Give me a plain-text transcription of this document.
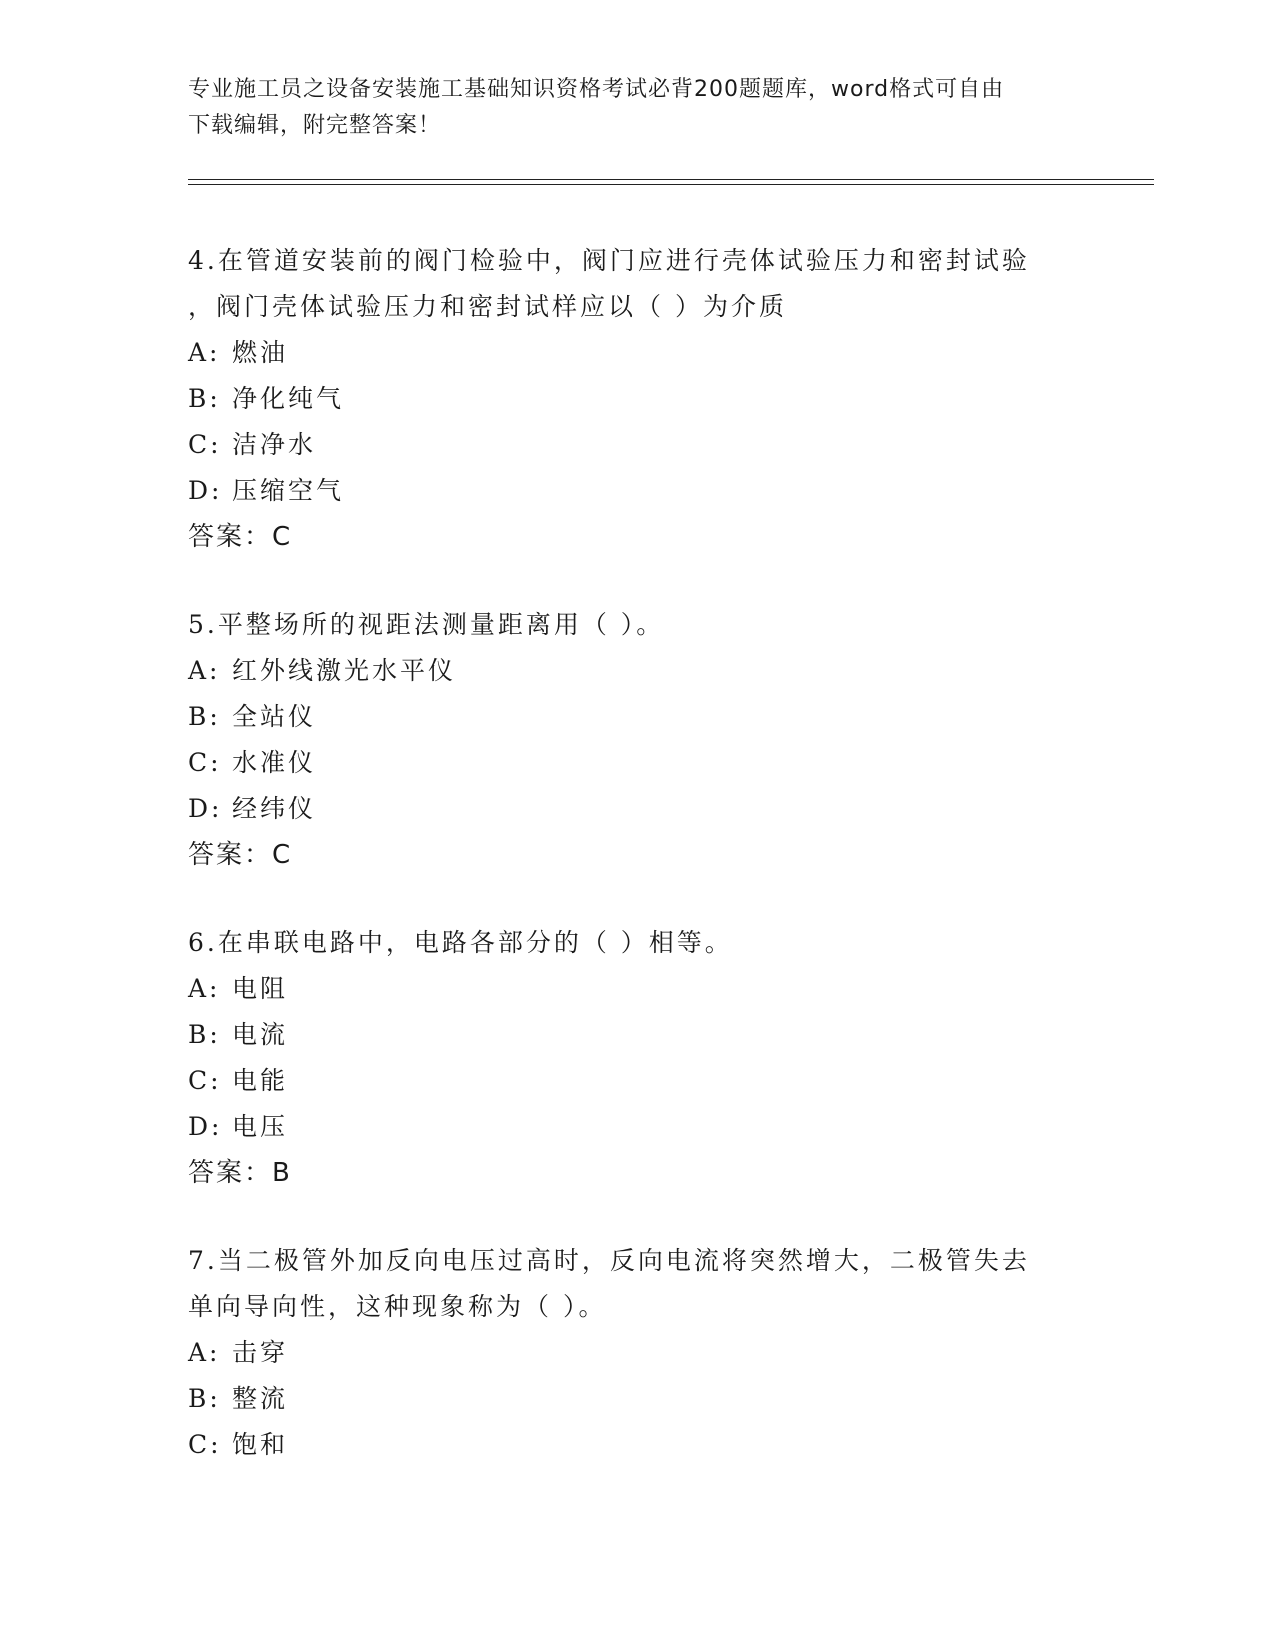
专业施工员之设备安装施工基础知识资格考试必背200题题库，word格式可自由
下载编辑，附完整答案！
4.在管道安装前的阀门检验中，阀门应进行壳体试验压力和密封试验
，阀门壳体试验压力和密封试样应以（ ）为介质
A: 燃油
B: 净化纯气
C: 洁净水
D: 压缩空气
答案：C
5.平整场所的视距法测量距离用（ ）。
A: 红外线激光水平仪
B: 全站仪
C: 水准仪
D: 经纬仪
答案：C
6.在串联电路中，电路各部分的（ ）相等。
A: 电阻
B: 电流
C: 电能
D: 电压
答案：B
7.当二极管外加反向电压过高时，反向电流将突然增大，二极管失去
单向导向性，这种现象称为（ ）。
A: 击穿
B: 整流
C: 饱和
